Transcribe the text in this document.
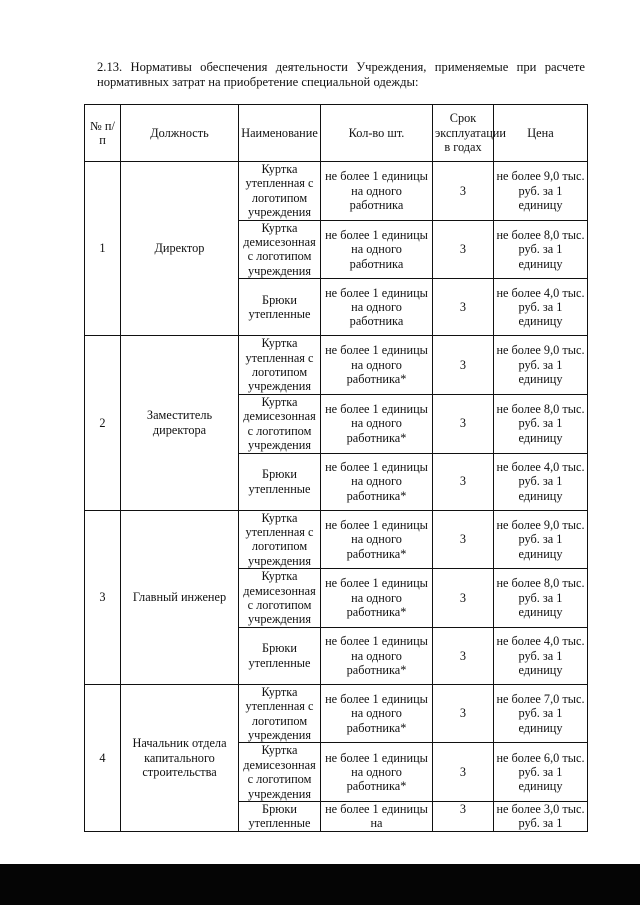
2.13. Нормативы обеспечения деятельности Учреждения, применяемые при расчете нормативных затрат на приобретение специальной одежды:
№ п/п	Должность	Наименование	Кол-во шт.	Срок эксплуатации в годах	Цена
1	Директор	Куртка утепленная с логотипом учреждения	не более 1 единицы на одного работника	3	не более 9,0 тыс. руб. за 1 единицу
		Куртка демисезонная с логотипом учреждения	не более 1 единицы на одного работника	3	не более 8,0 тыс. руб. за 1 единицу
		Брюки утепленные	не более 1 единицы на одного работника	3	не более 4,0 тыс. руб. за 1 единицу
2	Заместитель директора	Куртка утепленная с логотипом учреждения	не более 1 единицы на одного работника*	3	не более 9,0 тыс. руб. за 1 единицу
		Куртка демисезонная с логотипом учреждения	не более 1 единицы на одного работника*	3	не более 8,0 тыс. руб. за 1 единицу
		Брюки утепленные	не более 1 единицы на одного работника*	3	не более 4,0 тыс. руб. за 1 единицу
3	Главный инженер	Куртка утепленная с логотипом учреждения	не более 1 единицы на одного работника*	3	не более 9,0 тыс. руб. за 1 единицу
		Куртка демисезонная с логотипом учреждения	не более 1 единицы на одного работника*	3	не более 8,0 тыс. руб. за 1 единицу
		Брюки утепленные	не более 1 единицы на одного работника*	3	не более 4,0 тыс. руб. за 1 единицу
4	Начальник отдела капитального строительства	Куртка утепленная с логотипом учреждения	не более 1 единицы на одного работника*	3	не более 7,0 тыс. руб. за 1 единицу
		Куртка демисезонная с логотипом учреждения	не более 1 единицы на одного работника*	3	не более 6,0 тыс. руб. за 1 единицу
		Брюки утепленные	не более 1 единицы на	3	не более 3,0 тыс. руб. за 1
